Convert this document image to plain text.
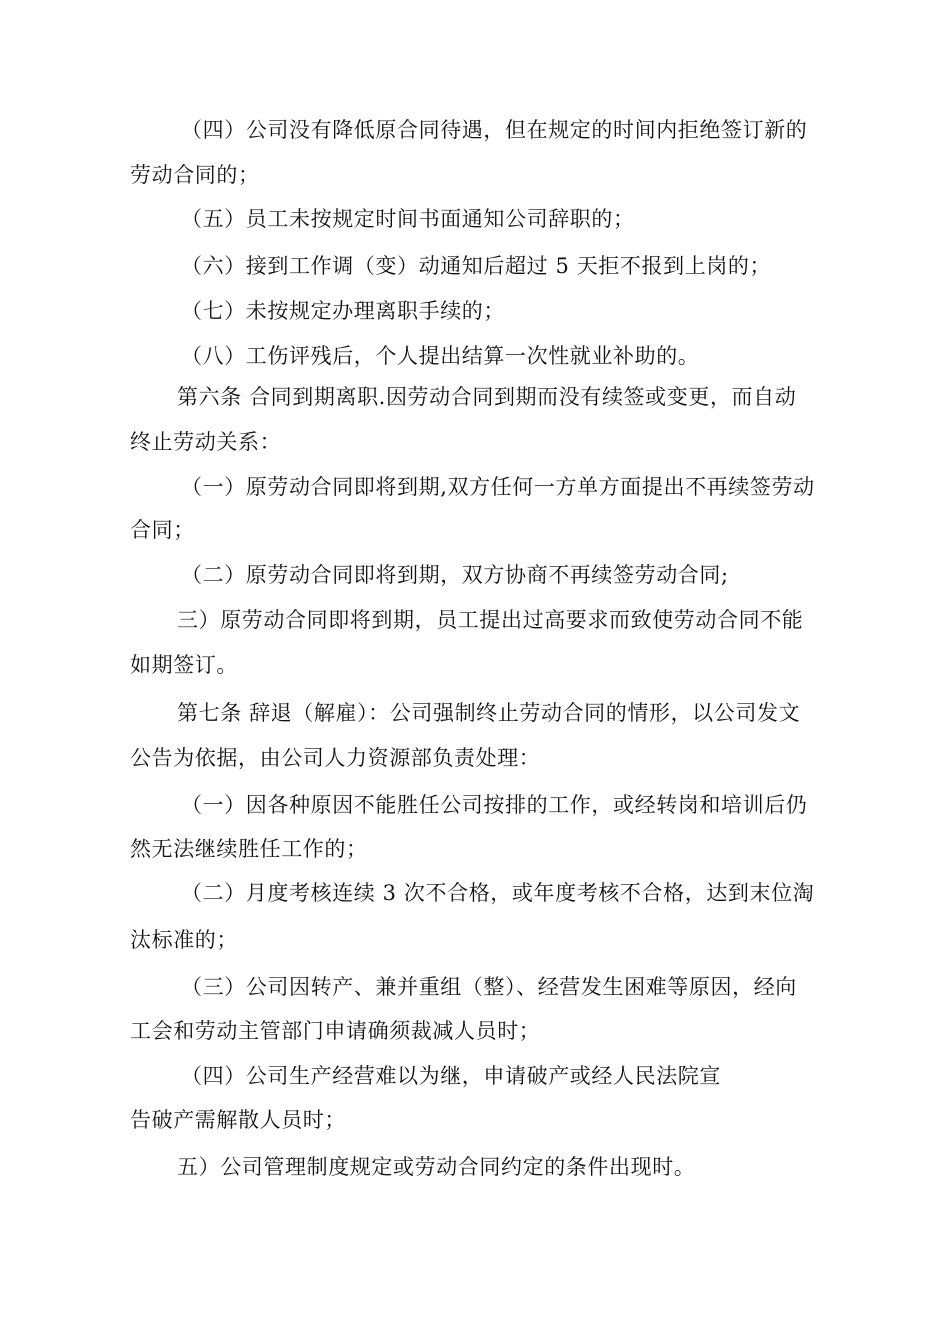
（四）公司没有降低原合同待遇，但在规定的时间内拒绝签订新的
劳动合同的；
（五）员工未按规定时间书面通知公司辞职的；
（六）接到工作调（变）动通知后超过 5 天拒不报到上岗的；
（七）未按规定办理离职手续的；
（八）工伤评残后，个人提出结算一次性就业补助的。
第六条 合同到期离职.因劳动合同到期而没有续签或变更，而自动
终止劳动关系：
（一）原劳动合同即将到期,双方任何一方单方面提出不再续签劳动
合同；
（二）原劳动合同即将到期，双方协商不再续签劳动合同;
三）原劳动合同即将到期，员工提出过高要求而致使劳动合同不能
如期签订。
第七条 辞退（解雇）：公司强制终止劳动合同的情形，以公司发文
公告为依据，由公司人力资源部负责处理：
（一）因各种原因不能胜任公司按排的工作，或经转岗和培训后仍
然无法继续胜任工作的；
（二）月度考核连续 3 次不合格，或年度考核不合格，达到末位淘
汰标准的；
（三）公司因转产、兼并重组（整）、经营发生困难等原因，经向
工会和劳动主管部门申请确须裁减人员时；
（四）公司生产经营难以为继，申请破产或经人民法院宣
告破产需解散人员时；
五）公司管理制度规定或劳动合同约定的条件出现时。
